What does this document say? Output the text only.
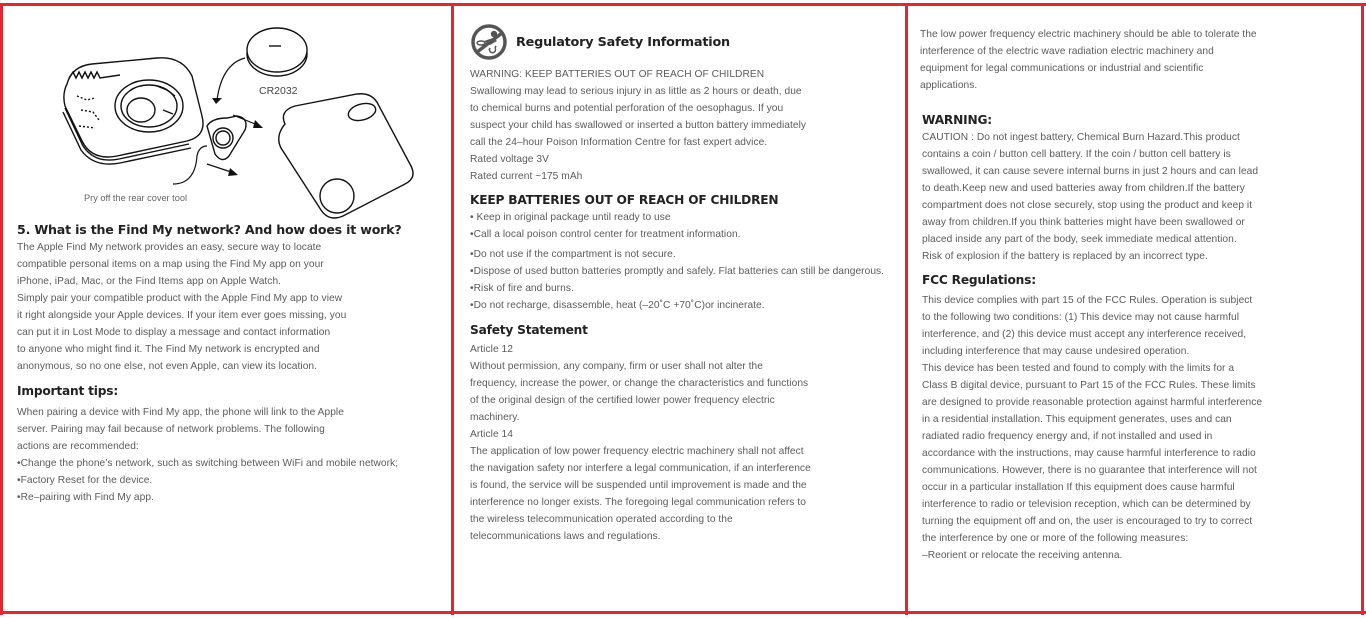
CR2032
Pry off the rear cover tool
5. What is the Find My network? And how does it work?

The Apple Find My network provides an easy, secure way to locate

compatible personal items on a map using the Find My app on your

iPhone, iPad, Mac, or the Find Items app on Apple Watch.

Simply pair your compatible product with the Apple Find My app to view

it right alongside your Apple devices. If your item ever goes missing, you

can put it in Lost Mode to display a message and contact information

to anyone who might find it. The Find My network is encrypted and

anonymous, so no one else, not even Apple, can view its location.

Important tips:

When pairing a device with Find My app, the phone will link to the Apple

server. Pairing may fail because of network problems. The following

actions are recommended:

•Change the phone’s network, such as switching between WiFi and mobile network;

•Factory Reset for the device.

•Re–pairing with Find My app.

Regulatory Safety Information

WARNING: KEEP BATTERIES OUT OF REACH OF CHILDREN

Swallowing may lead to serious injury in as little as 2 hours or death, due

to chemical burns and potential perforation of the oesophagus. If you

suspect your child has swallowed or inserted a button battery immediately

call the 24–hour Poison Information Centre for fast expert advice.

Rated voltage 3V

Rated current ~175 mAh

KEEP BATTERIES OUT OF REACH OF CHILDREN

• Keep in original package until ready to use

•Call a local poison control center for treatment information.

•Do not use if the compartment is not secure.

•Dispose of used button batteries promptly and safely. Flat batteries can still be dangerous.

•Risk of fire and burns.

•Do not recharge, disassemble, heat (–20˚C +70˚C)or incinerate.

Safety Statement

Article 12

Without permission, any company, firm or user shall not alter the

frequency, increase the power, or change the characteristics and functions

of the original design of the certified lower power frequency electric

machinery.

Article 14

The application of low power frequency electric machinery shall not affect

the navigation safety nor interfere a legal communication, if an interference

is found, the service will be suspended until improvement is made and the

interference no longer exists. The foregoing legal communication refers to

the wireless telecommunication operated according to the

telecommunications laws and regulations.

The low power frequency electric machinery should be able to tolerate the

interference of the electric wave radiation electric machinery and

equipment for legal communications or industrial and scientific

applications.

WARNING:

CAUTION : Do not ingest battery, Chemical Burn Hazard.This product

contains a coin / button cell battery. If the coin / button cell battery is

swallowed, it can cause severe internal burns in just 2 hours and can lead

to death.Keep new and used batteries away from children.If the battery

compartment does not close securely, stop using the product and keep it

away from children.If you think batteries might have been swallowed or

placed inside any part of the body, seek immediate medical attention.

Risk of explosion if the battery is replaced by an incorrect type.

FCC Regulations:

This device complies with part 15 of the FCC Rules. Operation is subject

to the following two conditions: (1) This device may not cause harmful

interference, and (2) this device must accept any interference received,

including interference that may cause undesired operation.

This device has been tested and found to comply with the limits for a

Class B digital device, pursuant to Part 15 of the FCC Rules. These limits

are designed to provide reasonable protection against harmful interference

in a residential installation. This equipment generates, uses and can

radiated radio frequency energy and, if not installed and used in

accordance with the instructions, may cause harmful interference to radio

communications. However, there is no guarantee that interference will not

occur in a particular installation If this equipment does cause harmful

interference to radio or television reception, which can be determined by

turning the equipment off and on, the user is encouraged to try to correct

the interference by one or more of the following measures:

–Reorient or relocate the receiving antenna.
